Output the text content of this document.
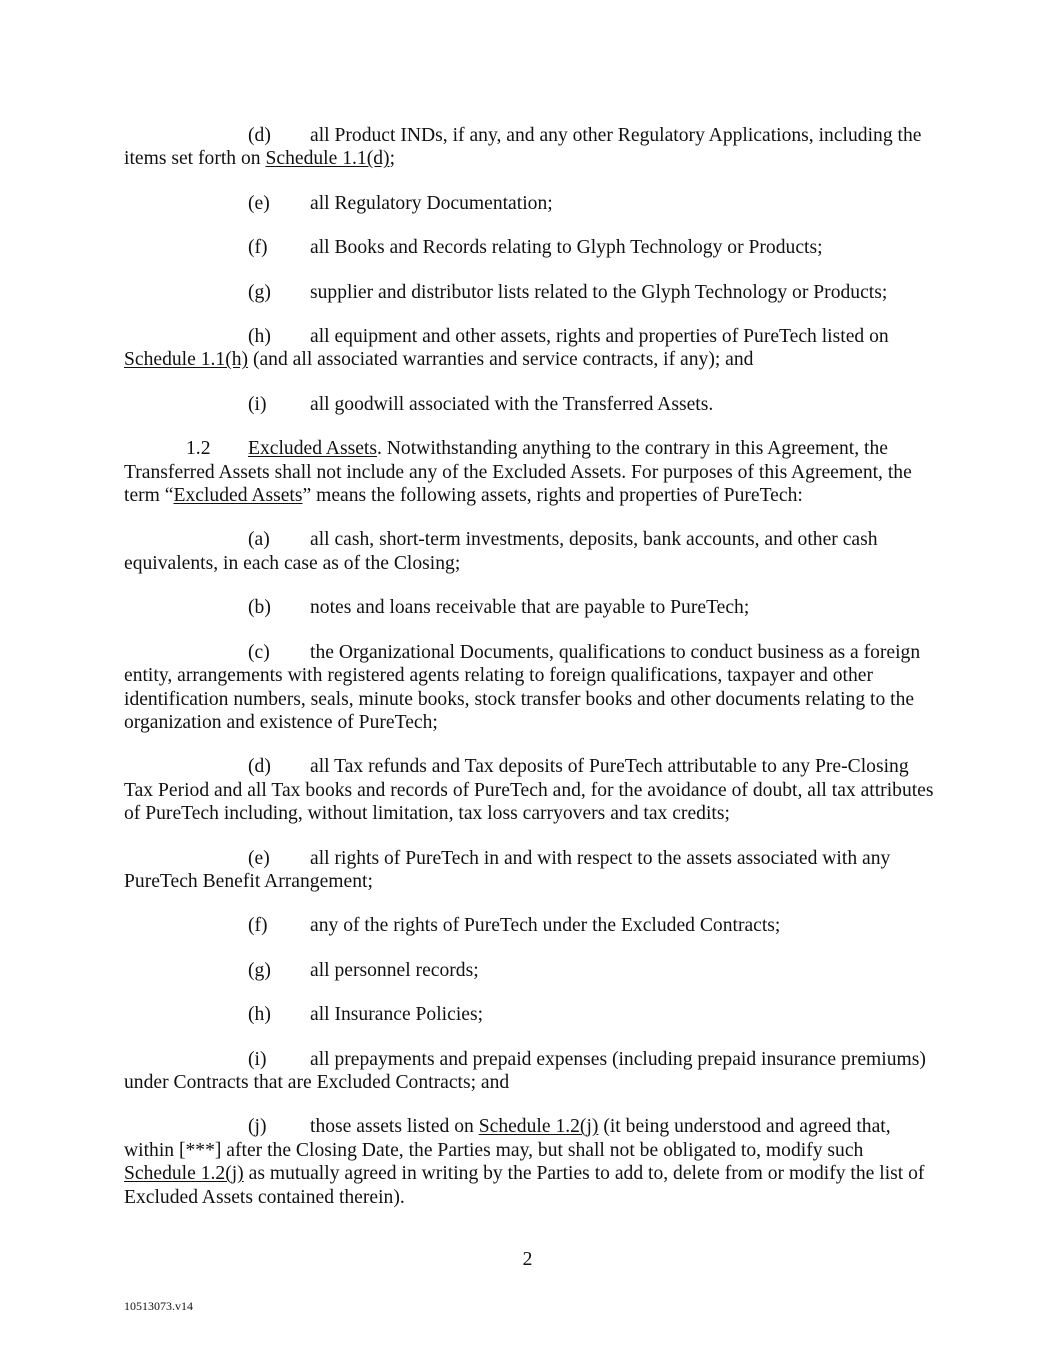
(d) all Product INDs, if any, and any other Regulatory Applications, including the items set forth on Schedule 1.1(d);
(e) all Regulatory Documentation;
(f) all Books and Records relating to Glyph Technology or Products;
(g) supplier and distributor lists related to the Glyph Technology or Products;
(h) all equipment and other assets, rights and properties of PureTech listed on Schedule 1.1(h) (and all associated warranties and service contracts, if any); and
(i) all goodwill associated with the Transferred Assets.
1.2 Excluded Assets. Notwithstanding anything to the contrary in this Agreement, the Transferred Assets shall not include any of the Excluded Assets. For purposes of this Agreement, the term “Excluded Assets” means the following assets, rights and properties of PureTech:
(a) all cash, short-term investments, deposits, bank accounts, and other cash equivalents, in each case as of the Closing;
(b) notes and loans receivable that are payable to PureTech;
(c) the Organizational Documents, qualifications to conduct business as a foreign entity, arrangements with registered agents relating to foreign qualifications, taxpayer and other identification numbers, seals, minute books, stock transfer books and other documents relating to the organization and existence of PureTech;
(d) all Tax refunds and Tax deposits of PureTech attributable to any Pre-Closing Tax Period and all Tax books and records of PureTech and, for the avoidance of doubt, all tax attributes of PureTech including, without limitation, tax loss carryovers and tax credits;
(e) all rights of PureTech in and with respect to the assets associated with any PureTech Benefit Arrangement;
(f) any of the rights of PureTech under the Excluded Contracts;
(g) all personnel records;
(h) all Insurance Policies;
(i) all prepayments and prepaid expenses (including prepaid insurance premiums) under Contracts that are Excluded Contracts; and
(j) those assets listed on Schedule 1.2(j) (it being understood and agreed that, within [***] after the Closing Date, the Parties may, but shall not be obligated to, modify such Schedule 1.2(j) as mutually agreed in writing by the Parties to add to, delete from or modify the list of Excluded Assets contained therein).
2
10513073.v14
